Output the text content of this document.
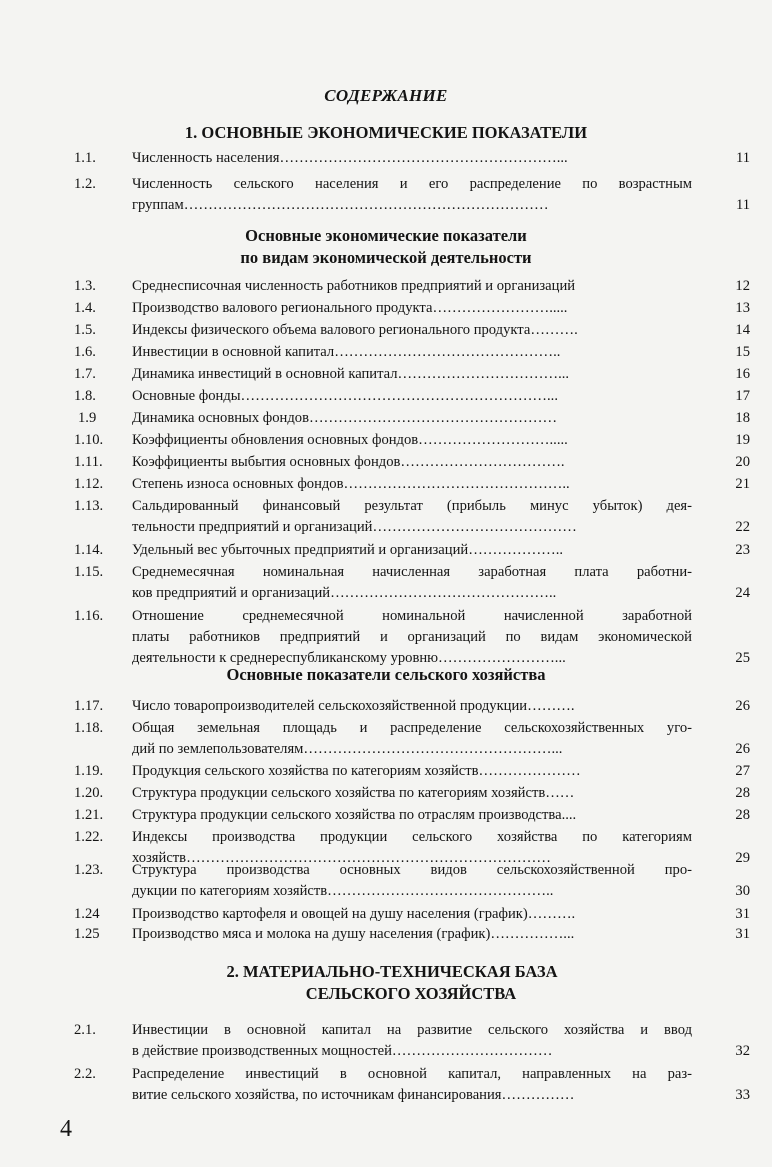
СОДЕРЖАНИЕ
1. ОСНОВНЫЕ ЭКОНОМИЧЕСКИЕ ПОКАЗАТЕЛИ
1.1.	Численность населения…………………………………………………...	11
1.2.	Численность сельского населения и его распределение по возрастным
группам…………………………………………………………………	11
Основные экономические показатели
по видам экономической деятельности
1.3.	Среднесписочная численность работников предприятий и организаций	12
1.4.	Производство валового регионального продукта…………………….....	13
1.5.	Индексы физического объема валового регионального продукта……….	14
1.6.	Инвестиции в основной капитал………………………………………..	15
1.7.	Динамика инвестиций в основной капитал……………………………...	16
1.8.	Основные фонды………………………………………………………...	17
1.9	Динамика основных фондов……………………………………………	18
1.10.	Коэффициенты обновления основных фондов……………………….....	19
1.11.	Коэффициенты выбытия основных фондов…………………………….	20
1.12.	Степень износа основных фондов………………………………………..	21
1.13.	Сальдированный финансовый результат (прибыль минус убыток) дея-
тельности предприятий и организаций……………………………………	22
1.14.	Удельный вес убыточных предприятий и организаций………………..	23
1.15.	Среднемесячная номинальная начисленная заработная плата работни-
ков предприятий и организаций………………………………………..	24
1.16.	Отношение среднемесячной номинальной начисленной заработной
платы работников предприятий и организаций по видам экономической
деятельности к среднереспубликанскому уровню……………………...	25
Основные показатели сельского хозяйства
1.17.	Число товаропроизводителей сельскохозяйственной продукции……….	26
1.18.	Общая земельная площадь и распределение сельскохозяйственных уго-
дий по землепользователям……………………………………………...	26
1.19.	Продукция сельского хозяйства по категориям хозяйств…………………	27
1.20.	Структура продукции сельского хозяйства по категориям хозяйств……	28
1.21.	Структура продукции сельского хозяйства по отраслям производства....	28
1.22.	Индексы производства продукции сельского хозяйства по категориям
хозяйств…………………………………………………………………	29
1.23.	Структура производства основных видов сельскохозяйственной про-
дукции по категориям хозяйств………………………………………..	30
1.24	Производство картофеля и овощей на душу населения (график)……….	31
1.25	Производство мяса и молока на душу населения (график)……………...	31
2. МАТЕРИАЛЬНО-ТЕХНИЧЕСКАЯ БАЗА
СЕЛЬСКОГО ХОЗЯЙСТВА
2.1.	Инвестиции в основной капитал на развитие сельского хозяйства и ввод
в действие производственных мощностей……………………………	32
2.2.	Распределение инвестиций в основной капитал, направленных на раз-
витие сельского хозяйства, по источникам финансирования……………	33
4
